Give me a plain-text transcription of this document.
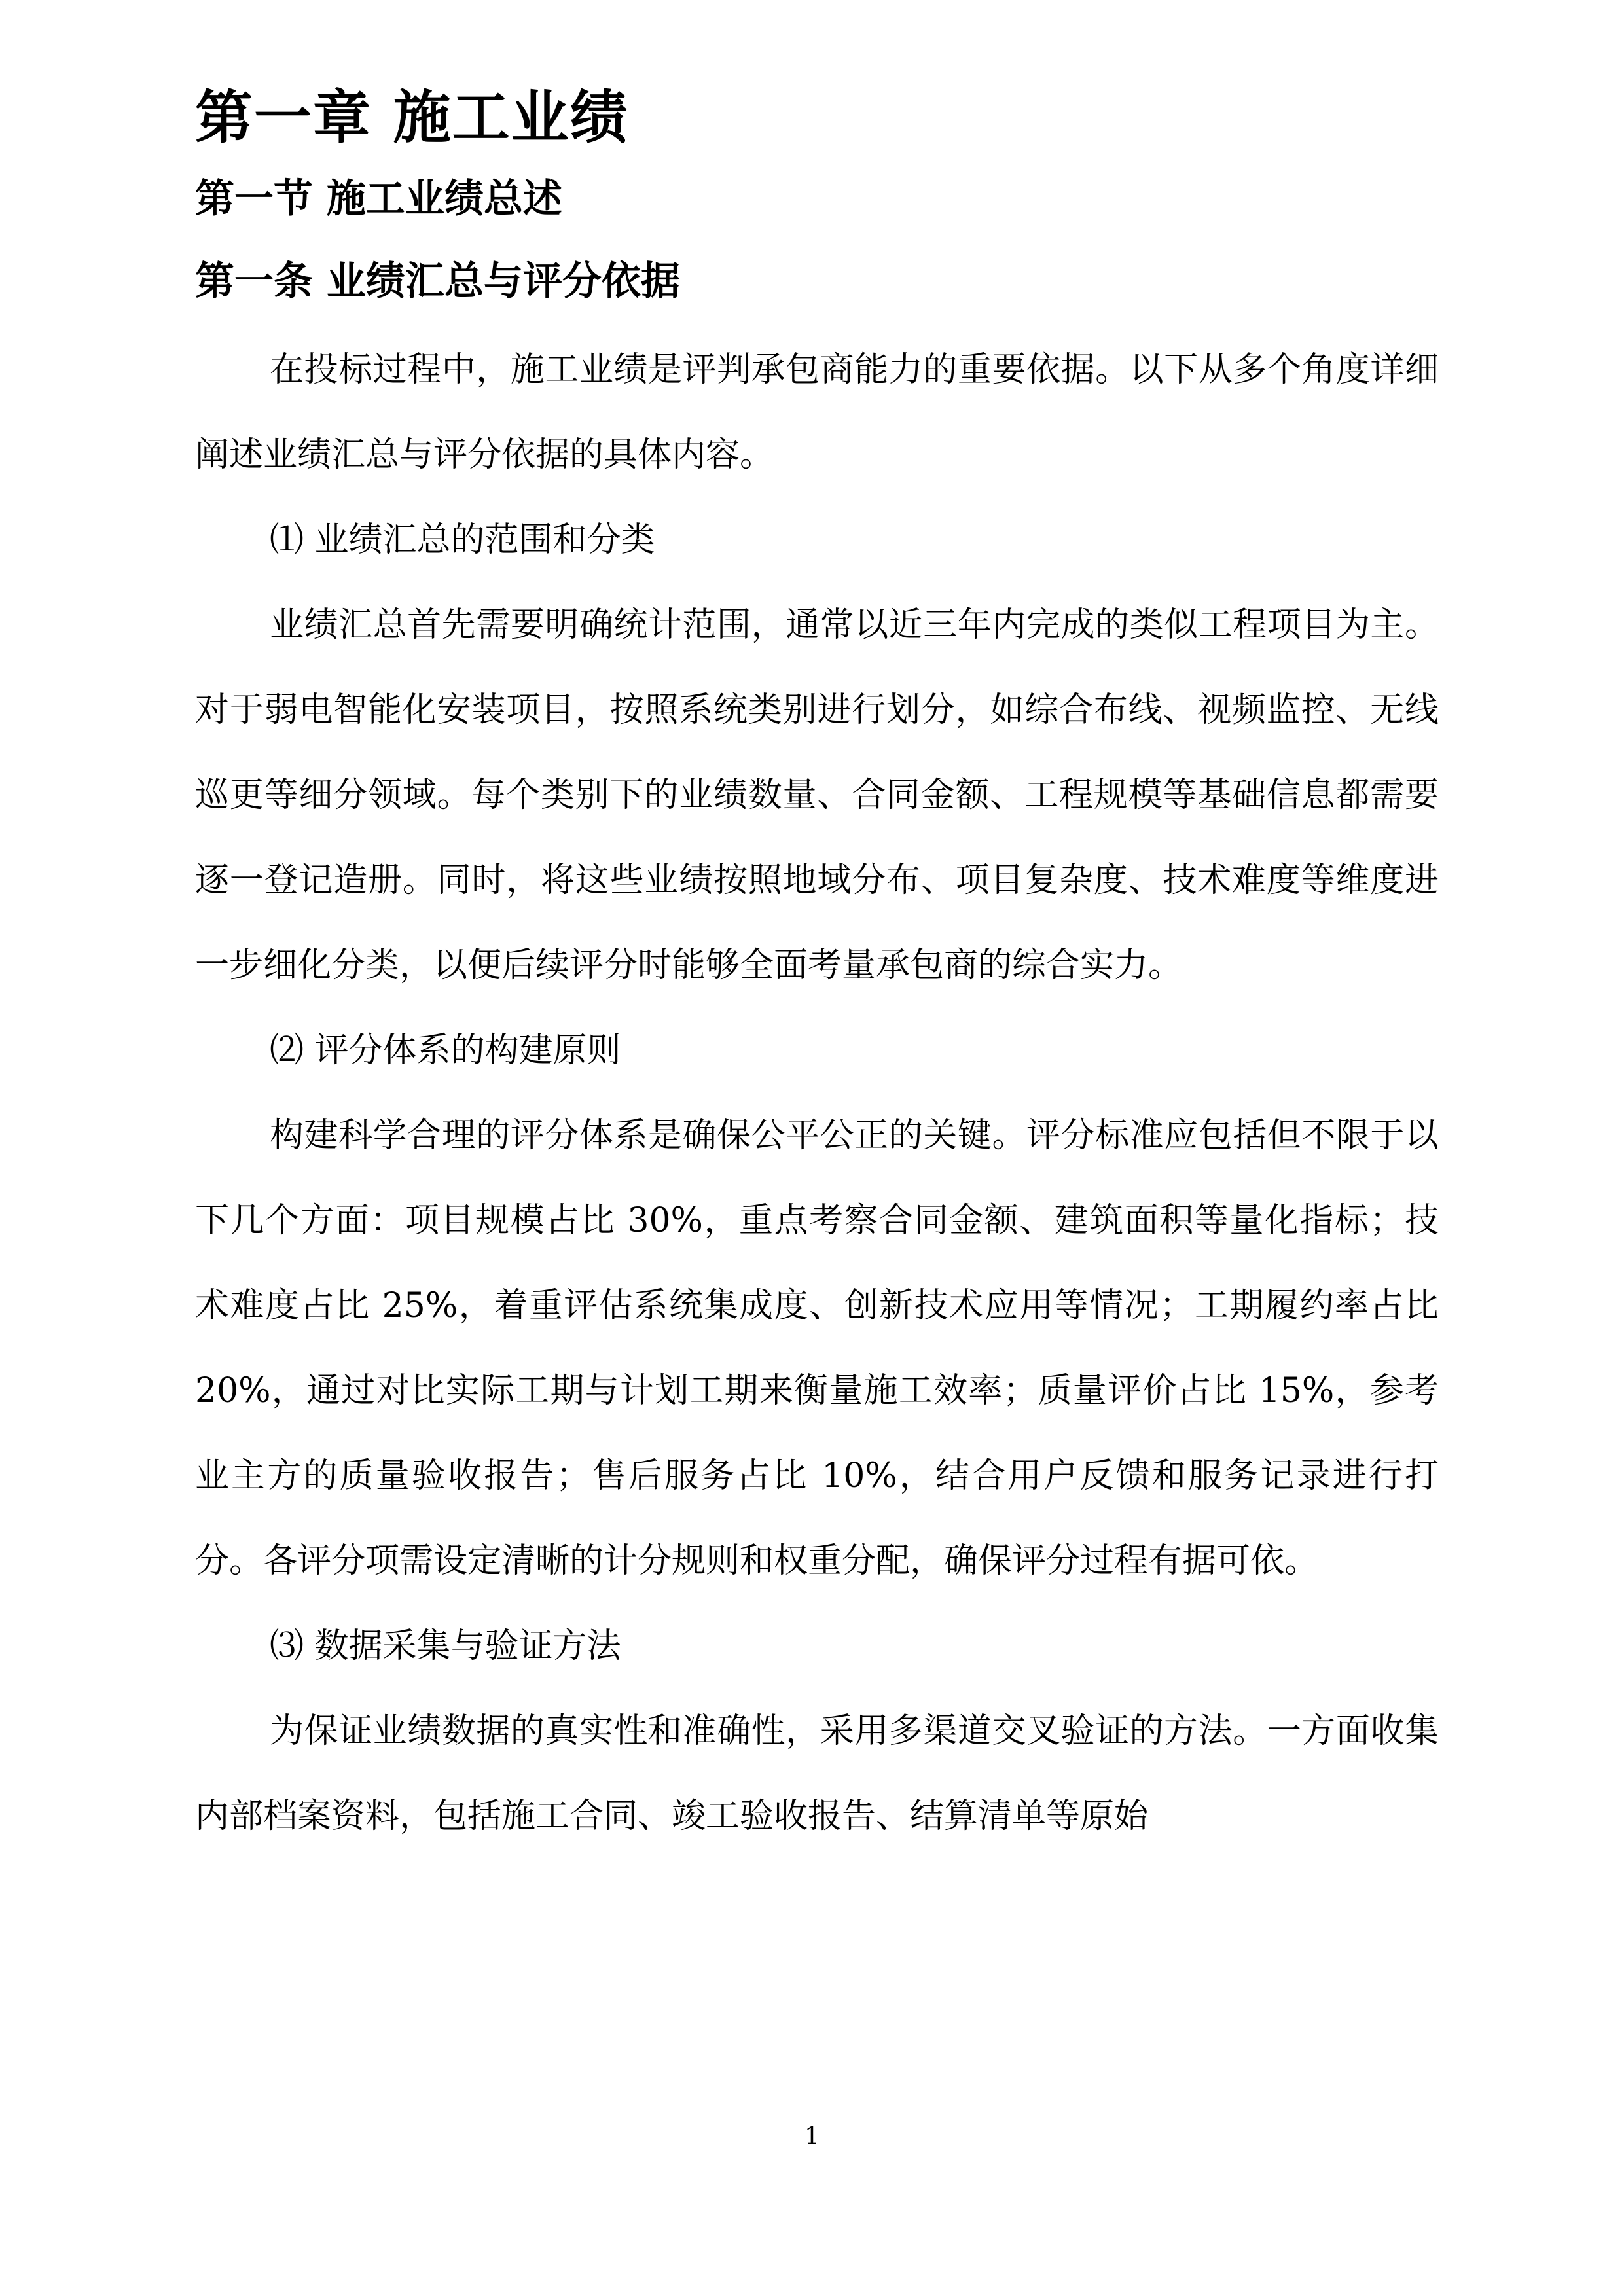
第一章 施工业绩
第一节 施工业绩总述
第一条 业绩汇总与评分依据

在投标过程中，施工业绩是评判承包商能力的重要依据。以下从多个角度详细阐述业绩汇总与评分依据的具体内容。

⑴ 业绩汇总的范围和分类

业绩汇总首先需要明确统计范围，通常以近三年内完成的类似工程项目为主。对于弱电智能化安装项目，按照系统类别进行划分，如综合布线、视频监控、无线巡更等细分领域。每个类别下的业绩数量、合同金额、工程规模等基础信息都需要逐一登记造册。同时，将这些业绩按照地域分布、项目复杂度、技术难度等维度进一步细化分类，以便后续评分时能够全面考量承包商的综合实力。

⑵ 评分体系的构建原则

构建科学合理的评分体系是确保公平公正的关键。评分标准应包括但不限于以下几个方面：项目规模占比 30%，重点考察合同金额、建筑面积等量化指标；技术难度占比 25%，着重评估系统集成度、创新技术应用等情况；工期履约率占比 20%，通过对比实际工期与计划工期来衡量施工效率；质量评价占比 15%，参考业主方的质量验收报告；售后服务占比 10%，结合用户反馈和服务记录进行打分。各评分项需设定清晰的计分规则和权重分配，确保评分过程有据可依。

⑶ 数据采集与验证方法

为保证业绩数据的真实性和准确性，采用多渠道交叉验证的方法。一方面收集内部档案资料，包括施工合同、竣工验收报告、结算清单等原始

1
